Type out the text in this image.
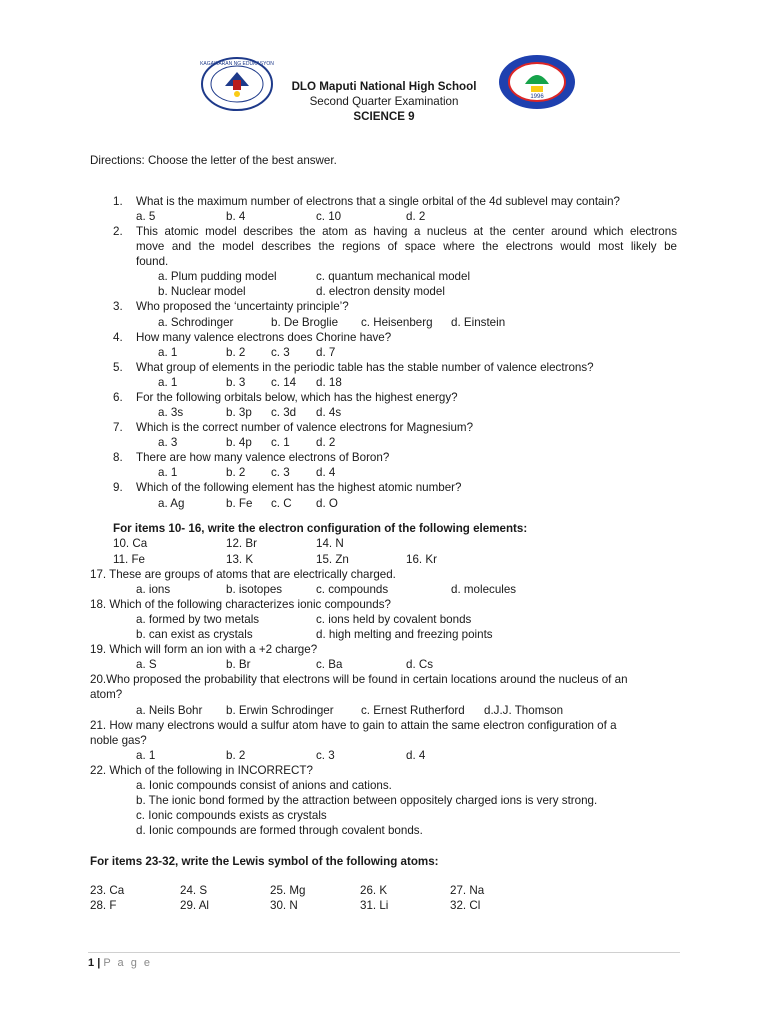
KAGAWARAN NG EDUKASYON
1996
DLO Maputi National High School
Second Quarter Examination
SCIENCE 9
Directions: Choose the letter of the best answer.
1. What is the maximum number of electrons that a single orbital of the 4d sublevel may contain?
a. 5	b. 4	c. 10	d. 2
2. This atomic model describes the atom as having a nucleus at the center around which electrons
move and the model describes the regions of space where the electrons would most likely be
found.
a. Plum pudding model	c. quantum mechanical model
b. Nuclear model	d. electron density model
3. Who proposed the ‘uncertainty principle’?
a. Schrodinger	b. De Broglie c. Heisenberg d. Einstein
4. How many valence electrons does Chorine have?
a. 1	b. 2 c. 3 d. 7
5. What group of elements in the periodic table has the stable number of valence electrons?
a. 1	b. 3 c. 14 d. 18
6. For the following orbitals below, which has the highest energy?
a. 3s	b. 3p c. 3d d. 4s
7. Which is the correct number of valence electrons for Magnesium?
a. 3	b. 4p c. 1 d. 2
8. There are how many valence electrons of Boron?
a. 1	b. 2 c. 3 d. 4
9. Which of the following element has the highest atomic number?
a. Ag	b. Fe c. C d. O
For items 10- 16, write the electron configuration of the following elements:
10. Ca	12. Br	14. N
11. Fe	13. K	15. Zn	16. Kr
17. These are groups of atoms that are electrically charged.
a. ions	b. isotopes	c. compounds	d. molecules
18. Which of the following characterizes ionic compounds?
a. formed by two metals	c. ions held by covalent bonds
b. can exist as crystals	d. high melting and freezing points
19. Which will form an ion with a +2 charge?
a. S	b. Br	c. Ba	d. Cs
20.Who proposed the probability that electrons will be found in certain locations around the nucleus of an
atom?
a. Neils Bohr b. Erwin Schrodinger c. Ernest Rutherford d.J.J. Thomson
21. How many electrons would a sulfur atom have to gain to attain the same electron configuration of a
noble gas?
a. 1	b. 2	c. 3	d. 4
22. Which of the following in INCORRECT?
a. Ionic compounds consist of anions and cations.
b. The ionic bond formed by the attraction between oppositely charged ions is very strong.
c. Ionic compounds exists as crystals
d. Ionic compounds are formed through covalent bonds.
For items 23-32, write the Lewis symbol of the following atoms:
23. Ca	24. S	25. Mg	26. K	27. Na
28. F	29. Al	30. N	31. Li	32. Cl
1 | P a g e
